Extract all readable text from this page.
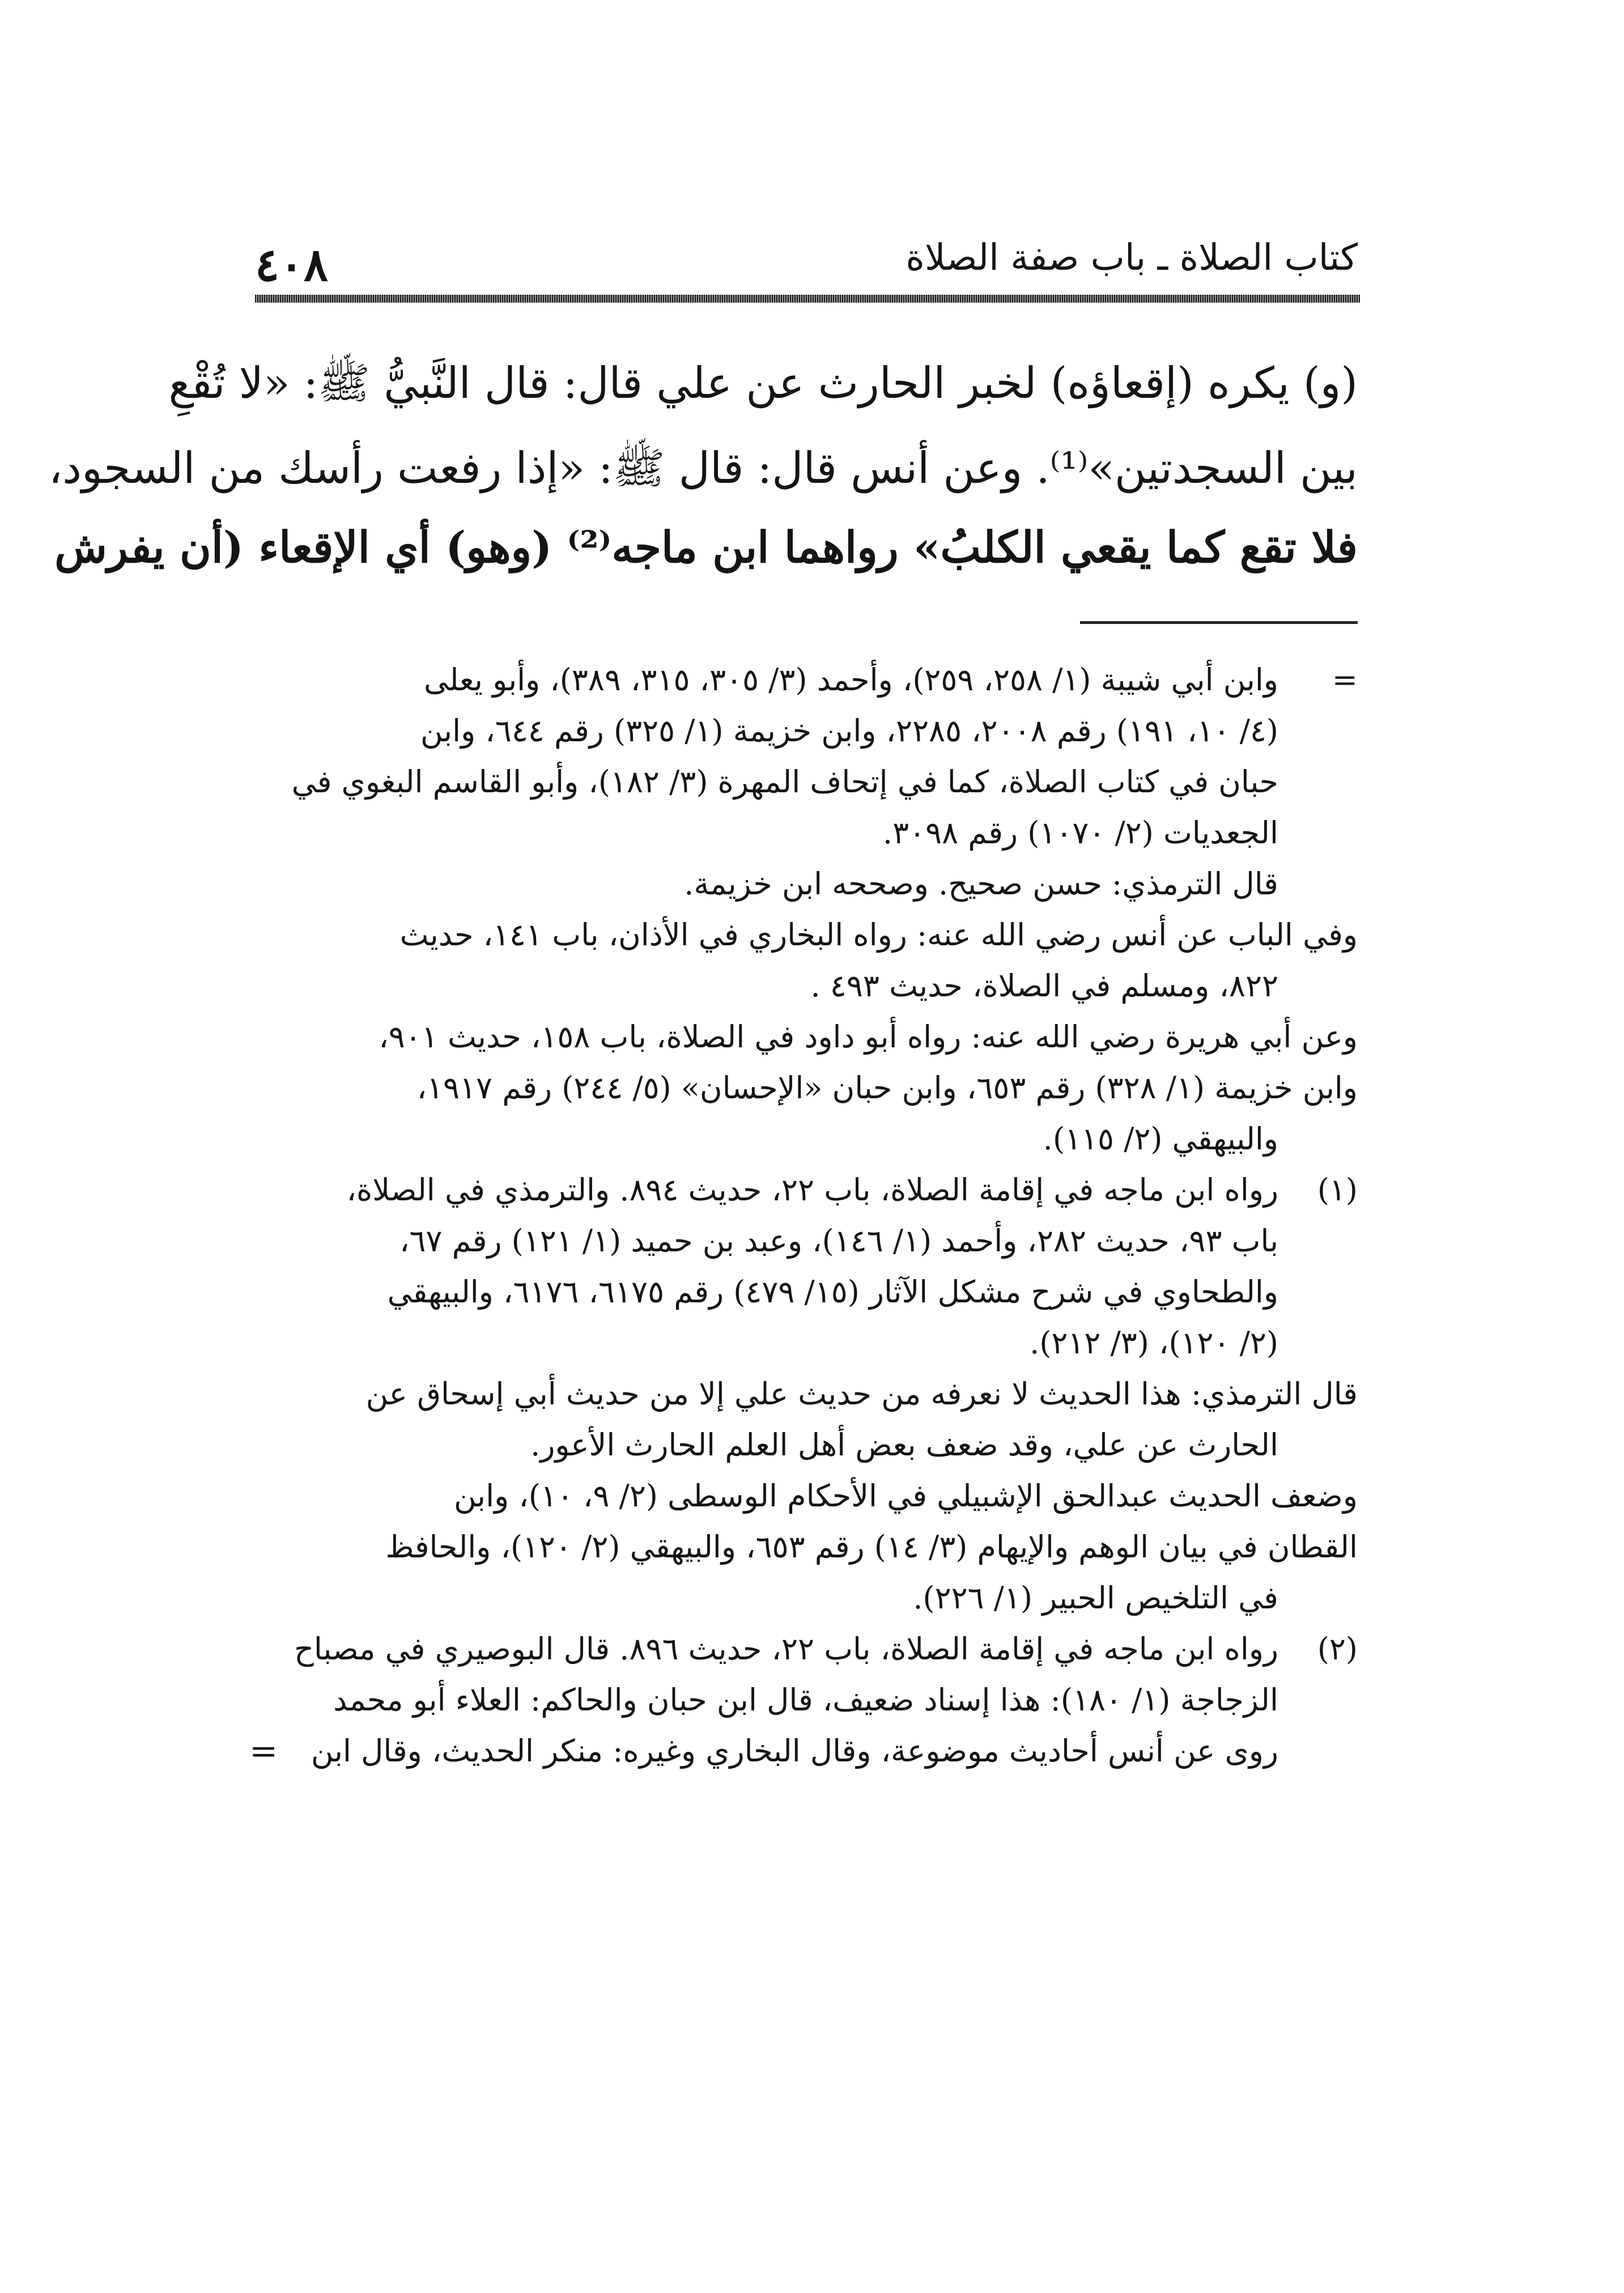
٤٠٨	كتاب الصلاة ـ باب صفة الصلاة
(و) يكره (إقعاؤه) لخبر الحارث عن علي قال: قال النَّبيُّ ﷺ: «لا تُقْعِ
بين السجدتين»⁽¹⁾. وعن أنس قال: قال ﷺ: «إذا رفعت رأسك من السجود،
فلا تقع كما يقعي الكلبُ» رواهما ابن ماجه⁽²⁾ (وهو) أي الإقعاء (أن يفرش
=
وابن أبي شيبة (١/ ٢٥٨، ٢٥٩)، وأحمد (٣/ ٣٠٥، ٣١٥، ٣٨٩)، وأبو يعلى
(٤/ ١٠، ١٩١) رقم ٢٠٠٨، ٢٢٨٥، وابن خزيمة (١/ ٣٢٥) رقم ٦٤٤، وابن
حبان في كتاب الصلاة، كما في إتحاف المهرة (٣/ ١٨٢)، وأبو القاسم البغوي في
الجعديات (٢/ ١٠٧٠) رقم ٣٠٩٨.
قال الترمذي: حسن صحيح. وصححه ابن خزيمة.
وفي الباب عن أنس رضي الله عنه: رواه البخاري في الأذان، باب ١٤١، حديث
٨٢٢، ومسلم في الصلاة، حديث ٤٩٣ .
وعن أبي هريرة رضي الله عنه: رواه أبو داود في الصلاة، باب ١٥٨، حديث ٩٠١،
وابن خزيمة (١/ ٣٢٨) رقم ٦٥٣، وابن حبان «الإحسان» (٥/ ٢٤٤) رقم ١٩١٧،
والبيهقي (٢/ ١١٥).
(١)
رواه ابن ماجه في إقامة الصلاة، باب ٢٢، حديث ٨٩٤. والترمذي في الصلاة،
باب ٩٣، حديث ٢٨٢، وأحمد (١/ ١٤٦)، وعبد بن حميد (١/ ١٢١) رقم ٦٧،
والطحاوي في شرح مشكل الآثار (١٥/ ٤٧٩) رقم ٦١٧٥، ٦١٧٦، والبيهقي
(٢/ ١٢٠)، (٣/ ٢١٢).
قال الترمذي: هذا الحديث لا نعرفه من حديث علي إلا من حديث أبي إسحاق عن
الحارث عن علي، وقد ضعف بعض أهل العلم الحارث الأعور.
وضعف الحديث عبدالحق الإشبيلي في الأحكام الوسطى (٢/ ٩، ١٠)، وابن
القطان في بيان الوهم والإيهام (٣/ ١٤) رقم ٦٥٣، والبيهقي (٢/ ١٢٠)، والحافظ
في التلخيص الحبير (١/ ٢٢٦).
(٢)
رواه ابن ماجه في إقامة الصلاة، باب ٢٢، حديث ٨٩٦. قال البوصيري في مصباح
الزجاجة (١/ ١٨٠): هذا إسناد ضعيف، قال ابن حبان والحاكم: العلاء أبو محمد
روى عن أنس أحاديث موضوعة، وقال البخاري وغيره: منكر الحديث، وقال ابن
=
